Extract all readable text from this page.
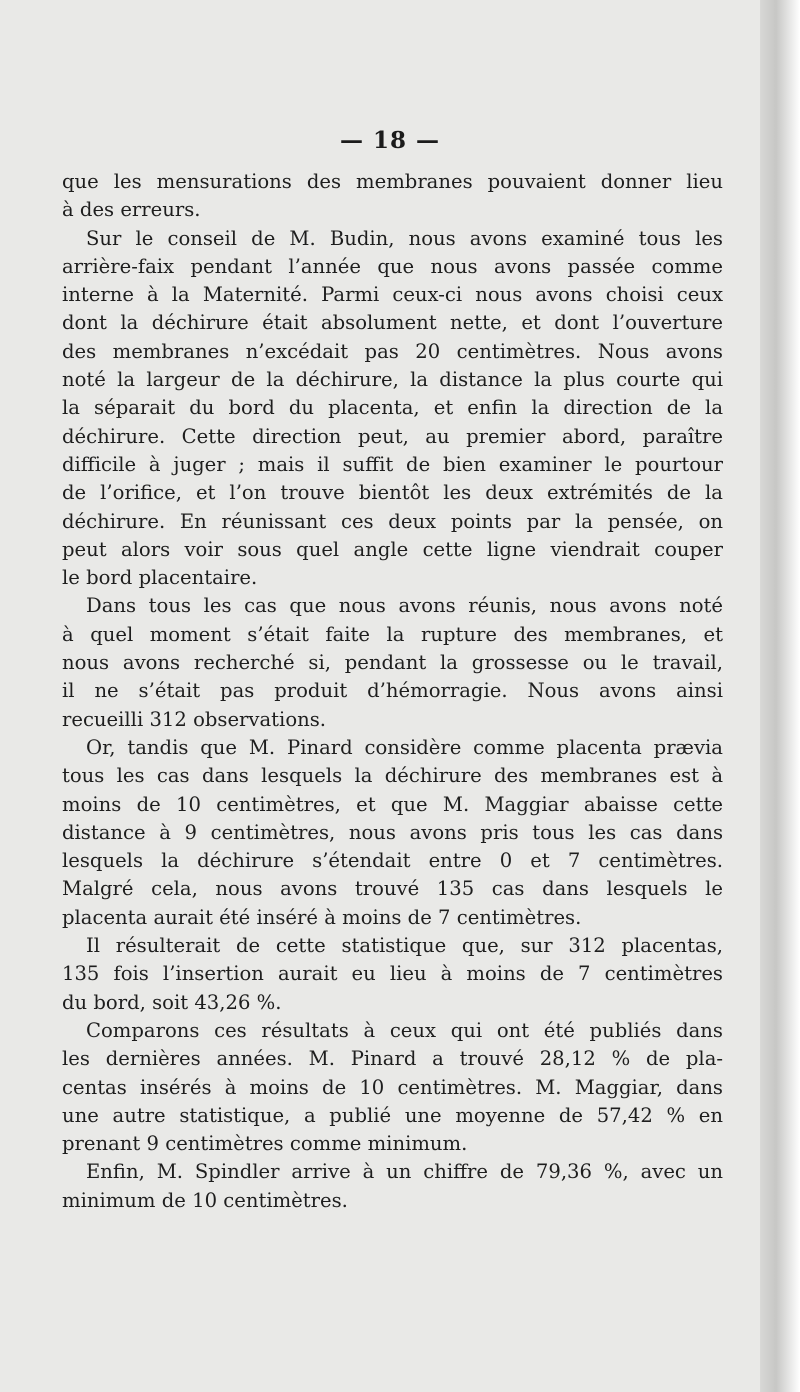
— 18 —
que les mensurations des membranes pouvaient donner lieu
à des erreurs.
Sur le conseil de M. Budin, nous avons examiné tous les
arrière-faix pendant l’année que nous avons passée comme
interne à la Maternité. Parmi ceux-ci nous avons choisi ceux
dont la déchirure était absolument nette, et dont l’ouverture
des membranes n’excédait pas 20 centimètres. Nous avons
noté la largeur de la déchirure, la distance la plus courte qui
la séparait du bord du placenta, et enfin la direction de la
déchirure. Cette direction peut, au premier abord, paraître
difficile à juger ; mais il suffit de bien examiner le pourtour
de l’orifice, et l’on trouve bientôt les deux extrémités de la
déchirure. En réunissant ces deux points par la pensée, on
peut alors voir sous quel angle cette ligne viendrait couper
le bord placentaire.
Dans tous les cas que nous avons réunis, nous avons noté
à quel moment s’était faite la rupture des membranes, et
nous avons recherché si, pendant la grossesse ou le travail,
il ne s’était pas produit d’hémorragie. Nous avons ainsi
recueilli 312 observations.
Or, tandis que M. Pinard considère comme placenta prævia
tous les cas dans lesquels la déchirure des membranes est à
moins de 10 centimètres, et que M. Maggiar abaisse cette
distance à 9 centimètres, nous avons pris tous les cas dans
lesquels la déchirure s’étendait entre 0 et 7 centimètres.
Malgré cela, nous avons trouvé 135 cas dans lesquels le
placenta aurait été inséré à moins de 7 centimètres.
Il résulterait de cette statistique que, sur 312 placentas,
135 fois l’insertion aurait eu lieu à moins de 7 centimètres
du bord, soit 43,26 %.
Comparons ces résultats à ceux qui ont été publiés dans
les dernières années. M. Pinard a trouvé 28,12 % de pla-
centas insérés à moins de 10 centimètres. M. Maggiar, dans
une autre statistique, a publié une moyenne de 57,42 % en
prenant 9 centimètres comme minimum.
Enfin, M. Spindler arrive à un chiffre de 79,36 %, avec un
minimum de 10 centimètres.
